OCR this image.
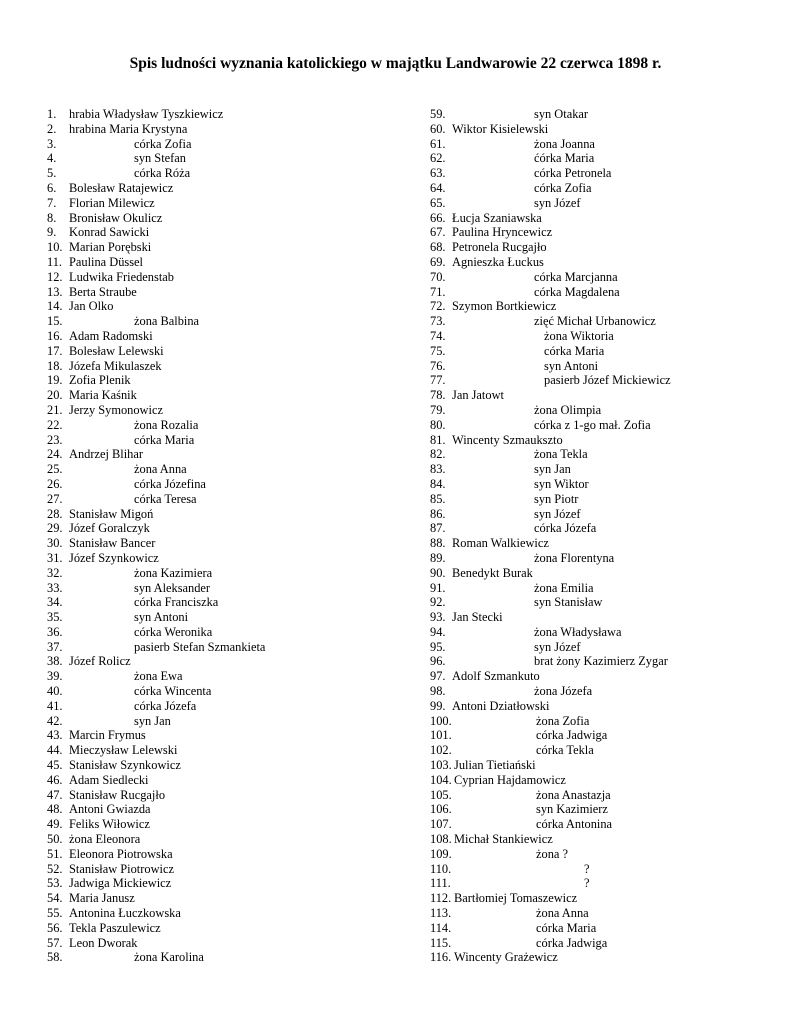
Spis ludności wyznania katolickiego w majątku Landwarowie 22 czerwca 1898 r.
1. hrabia Władysław Tyszkiewicz
2. hrabina Maria Krystyna
3.	córka Zofia
4.	syn Stefan
5.	córka Róża
6. Bolesław Ratajewicz
7. Florian Milewicz
8. Bronisław Okulicz
9. Konrad Sawicki
10. Marian Porębski
11. Paulina Düssel
12. Ludwika Friedenstab
13. Berta Straube
14. Jan Olko
15.	żona Balbina
16. Adam Radomski
17. Bolesław Lelewski
18. Józefa Mikulaszek
19. Zofia Plenik
20. Maria Kaśnik
21. Jerzy Symonowicz
22.	żona Rozalia
23.	córka Maria
24. Andrzej Blihar
25.	żona Anna
26.	córka Józefina
27.	córka Teresa
28. Stanisław Migoń
29. Józef Goralczyk
30. Stanisław Bancer
31. Józef Szynkowicz
32.	żona Kazimiera
33.	syn Aleksander
34.	córka Franciszka
35.	syn Antoni
36.	córka Weronika
37.	pasierb Stefan Szmankieta
38. Józef Rolicz
39.	żona Ewa
40.	córka Wincenta
41.	córka Józefa
42.	syn Jan
43. Marcin Frymus
44. Mieczysław Lelewski
45. Stanisław Szynkowicz
46. Adam Siedlecki
47. Stanisław Rucgajło
48. Antoni Gwiazda
49. Feliks Wiłowicz
50. żona Eleonora
51. Eleonora Piotrowska
52. Stanisław Piotrowicz
53. Jadwiga Mickiewicz
54. Maria Janusz
55. Antonina Łuczkowska
56. Tekla Paszulewicz
57. Leon Dworak
58.	żona Karolina
59.	syn Otakar
60. Wiktor Kisielewski
61.	żona Joanna
62.	ćórka Maria
63.	córka Petronela
64.	córka Zofia
65.	syn Józef
66. Łucja Szaniawska
67. Paulina Hryncewicz
68. Petronela Rucgajło
69. Agnieszka Łuckus
70.	córka Marcjanna
71.	córka Magdalena
72. Szymon Bortkiewicz
73.	zięć Michał Urbanowicz
74.	żona Wiktoria
75.	córka Maria
76.	syn Antoni
77.	pasierb Józef Mickiewicz
78. Jan Jatowt
79.	żona Olimpia
80.	córka z 1-go mał. Zofia
81. Wincenty Szmaukszto
82.	żona Tekla
83.	syn Jan
84.	syn Wiktor
85.	syn Piotr
86.	syn Józef
87.	córka Józefa
88. Roman Walkiewicz
89.	żona Florentyna
90. Benedykt Burak
91.	żona Emilia
92.	syn Stanisław
93. Jan Stecki
94.	żona Władysława
95.	syn Józef
96.	brat żony Kazimierz Zygar
97. Adolf Szmankuto
98.	żona Józefa
99. Antoni Dziatłowski
100.	żona Zofia
101.	córka Jadwiga
102.	córka Tekla
103. Julian Tietiański
104. Cyprian Hajdamowicz
105.	żona Anastazja
106.	syn Kazimierz
107.	córka Antonina
108. Michał Stankiewicz
109.	żona ?
110.	?
111.	?
112. Bartłomiej Tomaszewicz
113.	żona Anna
114.	córka Maria
115.	córka Jadwiga
116. Wincenty Grażewicz
